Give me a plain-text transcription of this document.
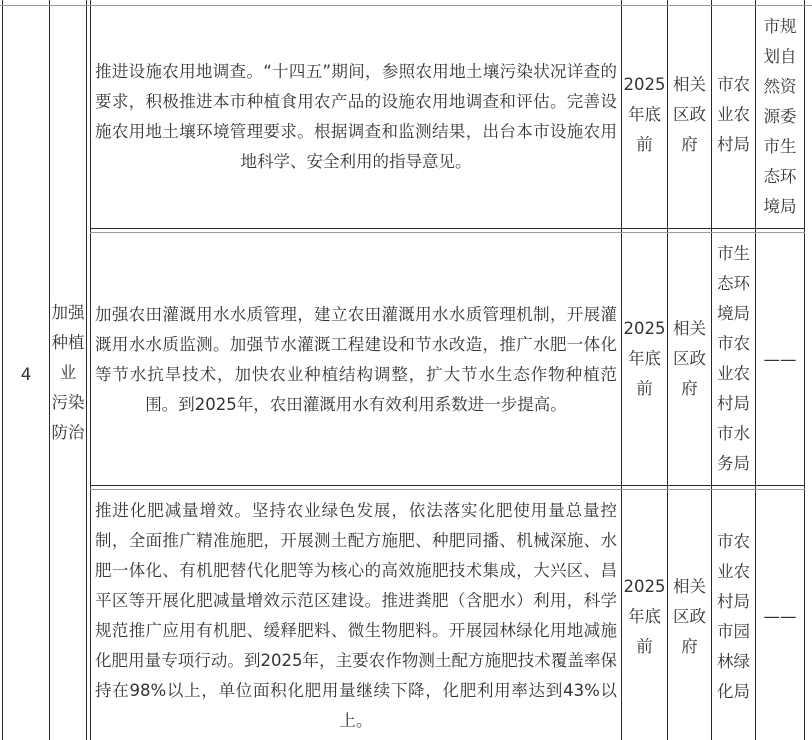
4
加强
种植
业
污染
防治
推进设施农用地调查。“十四五”期间，参照农用地土壤污染状况详查的要求，积极推进本市种植食用农产品的设施农用地调查和评估。完善设施农用地土壤环境管理要求。根据调查和监测结果，出台本市设施农用地科学、安全利用的指导意见。
2025
年底
前
相关
区政
府
市农
业农
村局
市规
划自
然资
源委
市生
态环
境局
加强农田灌溉用水水质管理，建立农田灌溉用水水质管理机制，开展灌溉用水水质监测。加强节水灌溉工程建设和节水改造，推广水肥一体化等节水抗旱技术，加快农业种植结构调整，扩大节水生态作物种植范围。到2025年，农田灌溉用水有效利用系数进一步提高。
2025
年底
前
相关
区政
府
市生
态环
境局
市农
业农
村局
市水
务局
——
推进化肥减量增效。坚持农业绿色发展，依法落实化肥使用量总量控制，全面推广精准施肥，开展测土配方施肥、种肥同播、机械深施、水肥一体化、有机肥替代化肥等为核心的高效施肥技术集成，大兴区、昌平区等开展化肥减量增效示范区建设。推进粪肥（含肥水）利用，科学规范推广应用有机肥、缓释肥料、微生物肥料。开展园林绿化用地减施化肥用量专项行动。到2025年，主要农作物测土配方施肥技术覆盖率保持在98%以上，单位面积化肥用量继续下降，化肥利用率达到43%以上。
2025
年底
前
相关
区政
府
市农
业农
村局
市园
林绿
化局
——
